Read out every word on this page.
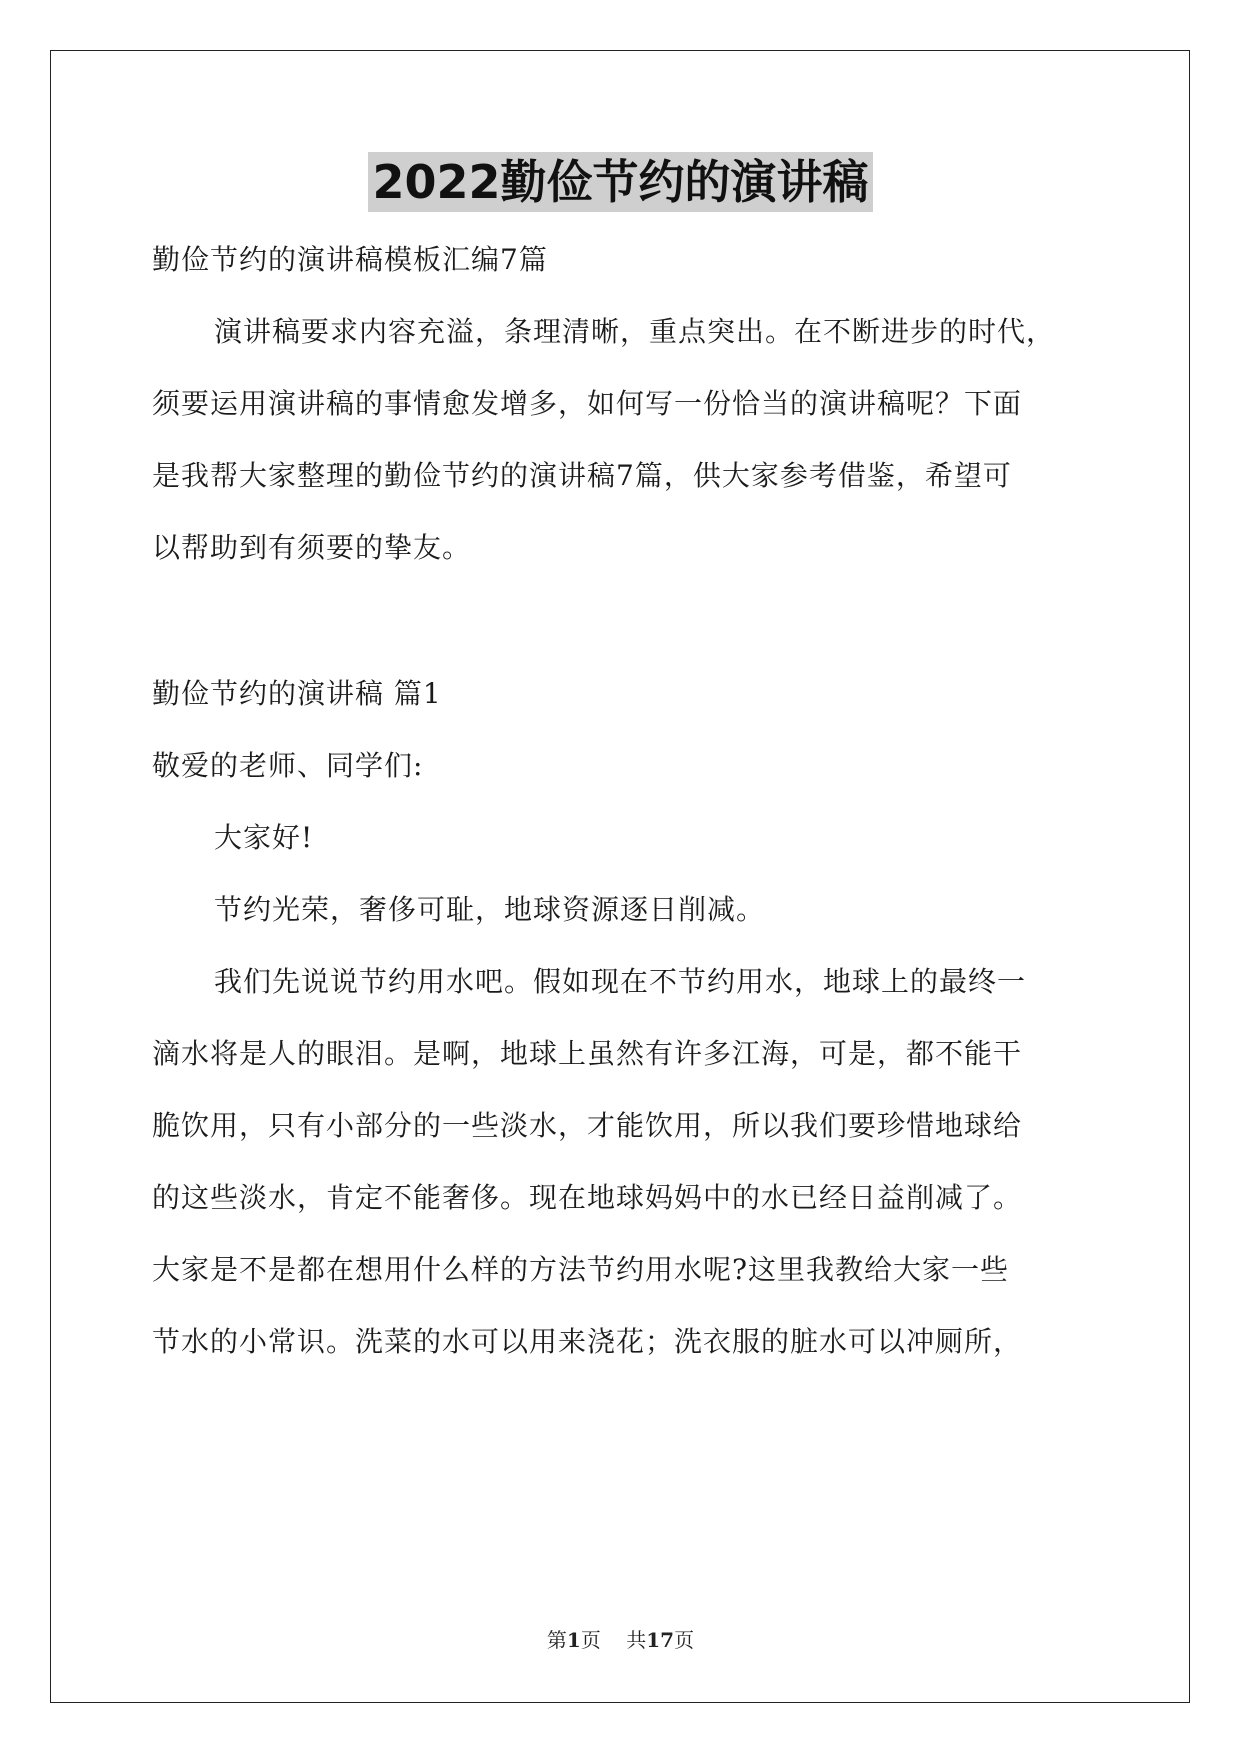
2022勤俭节约的演讲稿
勤俭节约的演讲稿模板汇编7篇
演讲稿要求内容充溢，条理清晰，重点突出。在不断进步的时代，
须要运用演讲稿的事情愈发增多，如何写一份恰当的演讲稿呢？下面
是我帮大家整理的勤俭节约的演讲稿7篇，供大家参考借鉴，希望可
以帮助到有须要的挚友。
勤俭节约的演讲稿 篇1
敬爱的老师、同学们:
大家好!
节约光荣，奢侈可耻，地球资源逐日削减。
我们先说说节约用水吧。假如现在不节约用水，地球上的最终一
滴水将是人的眼泪。是啊，地球上虽然有许多江海，可是，都不能干
脆饮用，只有小部分的一些淡水，才能饮用，所以我们要珍惜地球给
的这些淡水，肯定不能奢侈。现在地球妈妈中的水已经日益削减了。
大家是不是都在想用什么样的方法节约用水呢?这里我教给大家一些
节水的小常识。洗菜的水可以用来浇花；洗衣服的脏水可以冲厕所，
第1页 共17页
